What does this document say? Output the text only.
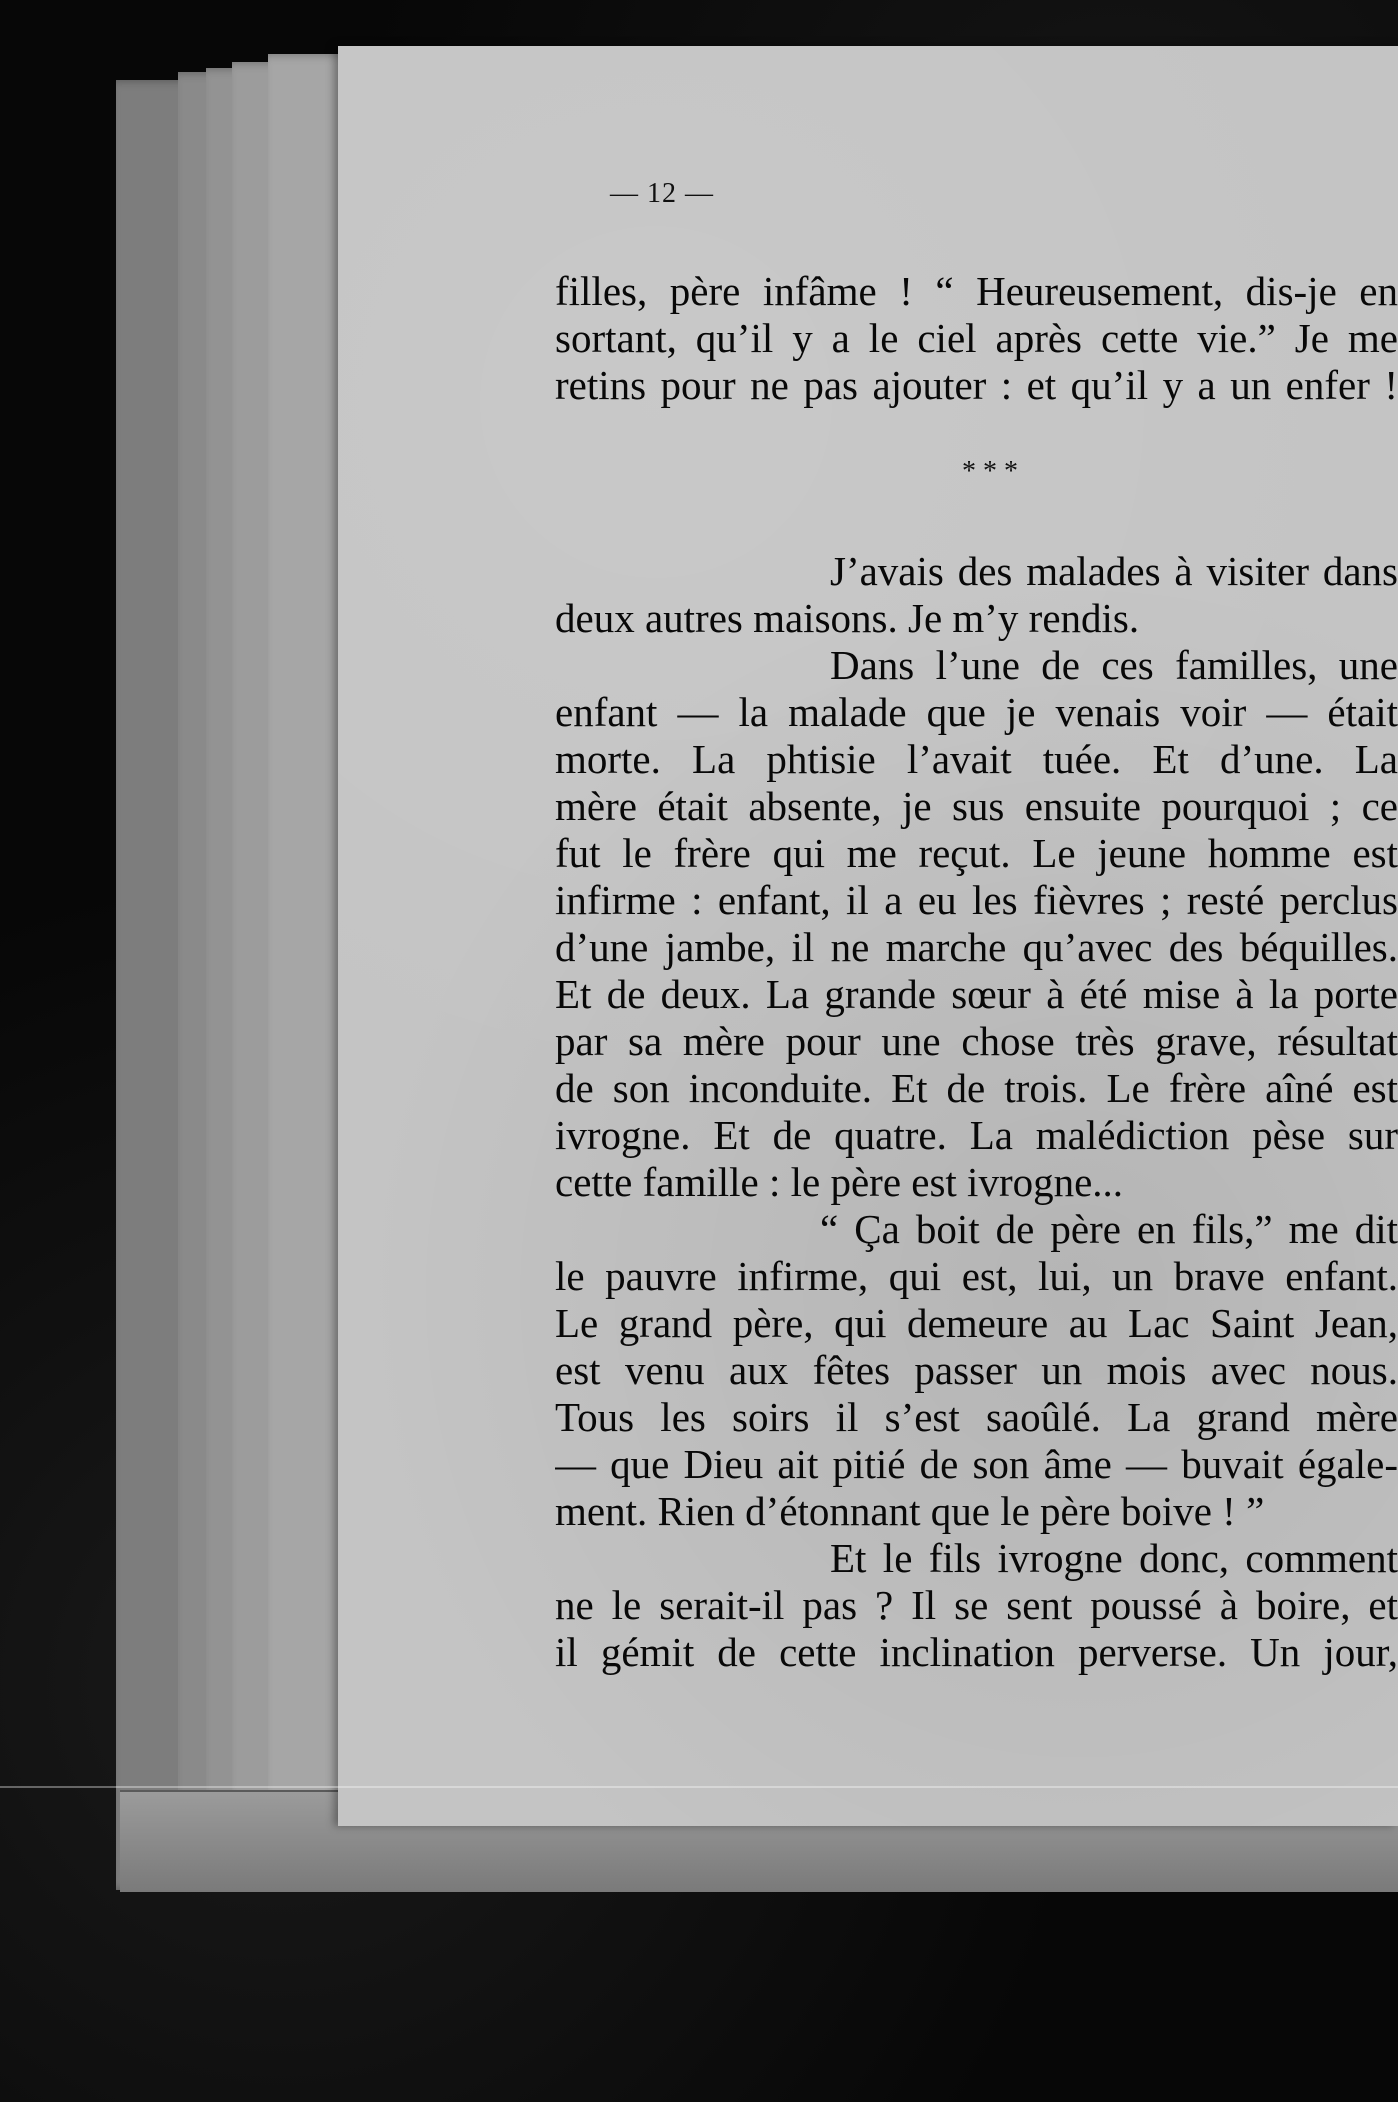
— 12 —
filles, père infâme ! “ Heureusement, dis-je en
sortant, qu’il y a le ciel après cette vie.” Je me
retins pour ne pas ajouter : et qu’il y a un enfer !
* * *
J’avais des malades à visiter dans
deux autres maisons. Je m’y rendis.
Dans l’une de ces familles, une
enfant — la malade que je venais voir — était
morte. La phtisie l’avait tuée. Et d’une. La
mère était absente, je sus ensuite pourquoi ; ce
fut le frère qui me reçut. Le jeune homme est
infirme : enfant, il a eu les fièvres ; resté perclus
d’une jambe, il ne marche qu’avec des béquilles.
Et de deux. La grande sœur à été mise à la porte
par sa mère pour une chose très grave, résultat
de son inconduite. Et de trois. Le frère aîné est
ivrogne. Et de quatre. La malédiction pèse sur
cette famille : le père est ivrogne...
“ Ça boit de père en fils,” me dit
le pauvre infirme, qui est, lui, un brave enfant.
Le grand père, qui demeure au Lac Saint Jean,
est venu aux fêtes passer un mois avec nous.
Tous les soirs il s’est saoûlé. La grand mère
— que Dieu ait pitié de son âme — buvait égale-
ment. Rien d’étonnant que le père boive ! ”
Et le fils ivrogne donc, comment
ne le serait-il pas ? Il se sent poussé à boire, et
il gémit de cette inclination perverse. Un jour,
